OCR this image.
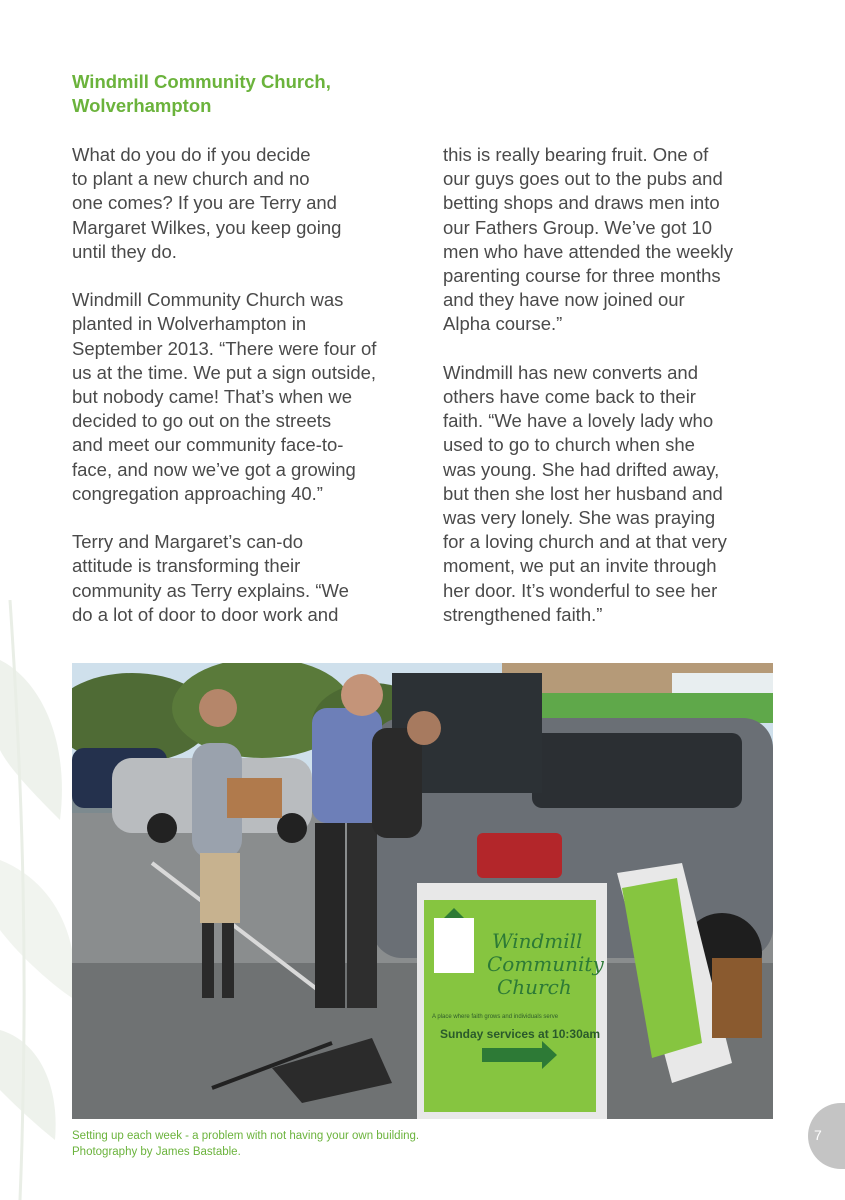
Windmill Community Church,
Wolverhampton

What do you do if you decide
to plant a new church and no
one comes? If you are Terry and
Margaret Wilkes, you keep going
until they do.

Windmill Community Church was
planted in Wolverhampton in
September 2013. “There were four of
us at the time. We put a sign outside,
but nobody came! That’s when we
decided to go out on the streets
and meet our community face-to-
face, and now we’ve got a growing
congregation approaching 40.”

Terry and Margaret’s can-do
attitude is transforming their
community as Terry explains. “We
do a lot of door to door work and

this is really bearing fruit. One of
our guys goes out to the pubs and
betting shops and draws men into
our Fathers Group. We’ve got 10
men who have attended the weekly
parenting course for three months
and they have now joined our
Alpha course.”

Windmill has new converts and
others have come back to their
faith. “We have a lovely lady who
used to go to church when she
was young. She had drifted away,
but then she lost her husband and
was very lonely. She was praying
for a loving church and at that very
moment, we put an invite through
her door. It’s wonderful to see her
strengthened faith.”

Windmill
Community
Church
A place where faith grows and individuals serve
Sunday services at 10:30am
Setting up each week - a problem with not having your own building.
Photography by James Bastable.
7
